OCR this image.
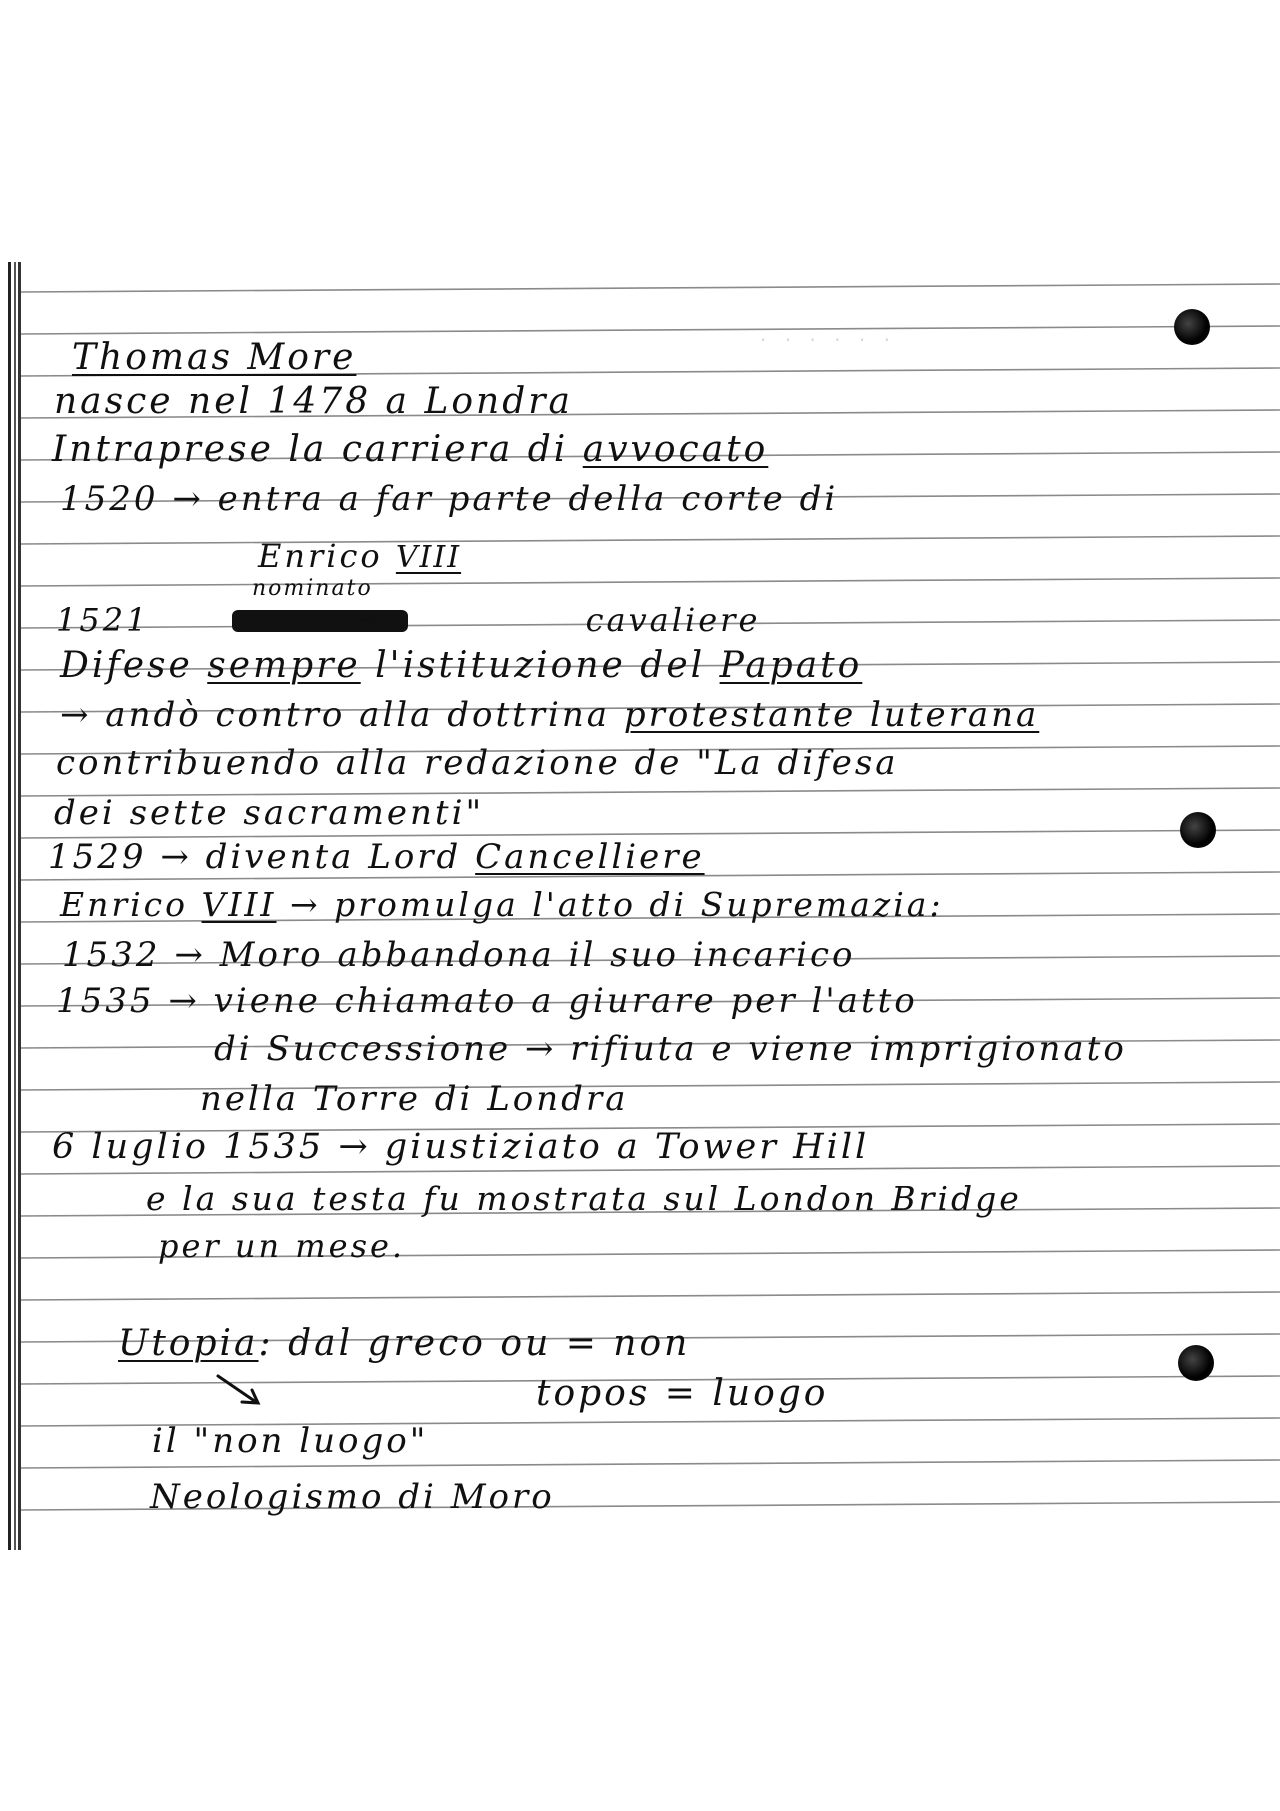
· · · · · ·
Thomas More
nasce nel 1478 a Londra
Intraprese la carriera di avvocato
1520 → entra a far parte della corte di
Enrico VIII
nominato
1521 → cavaliere
Difese sempre l'istituzione del Papato
→ andò contro alla dottrina protestante luterana
contribuendo alla redazione de "La difesa
dei sette sacramenti"
1529 → diventa Lord Cancelliere
Enrico VIII → promulga l'atto di Supremazia:
1532 → Moro abbandona il suo incarico
1535 → viene chiamato a giurare per l'atto
di Successione → rifiuta e viene imprigionato
nella Torre di Londra
6 luglio 1535 → giustiziato a Tower Hill
e la sua testa fu mostrata sul London Bridge
per un mese.
Utopia: dal greco ou = non
topos = luogo
il "non luogo"
Neologismo di Moro
